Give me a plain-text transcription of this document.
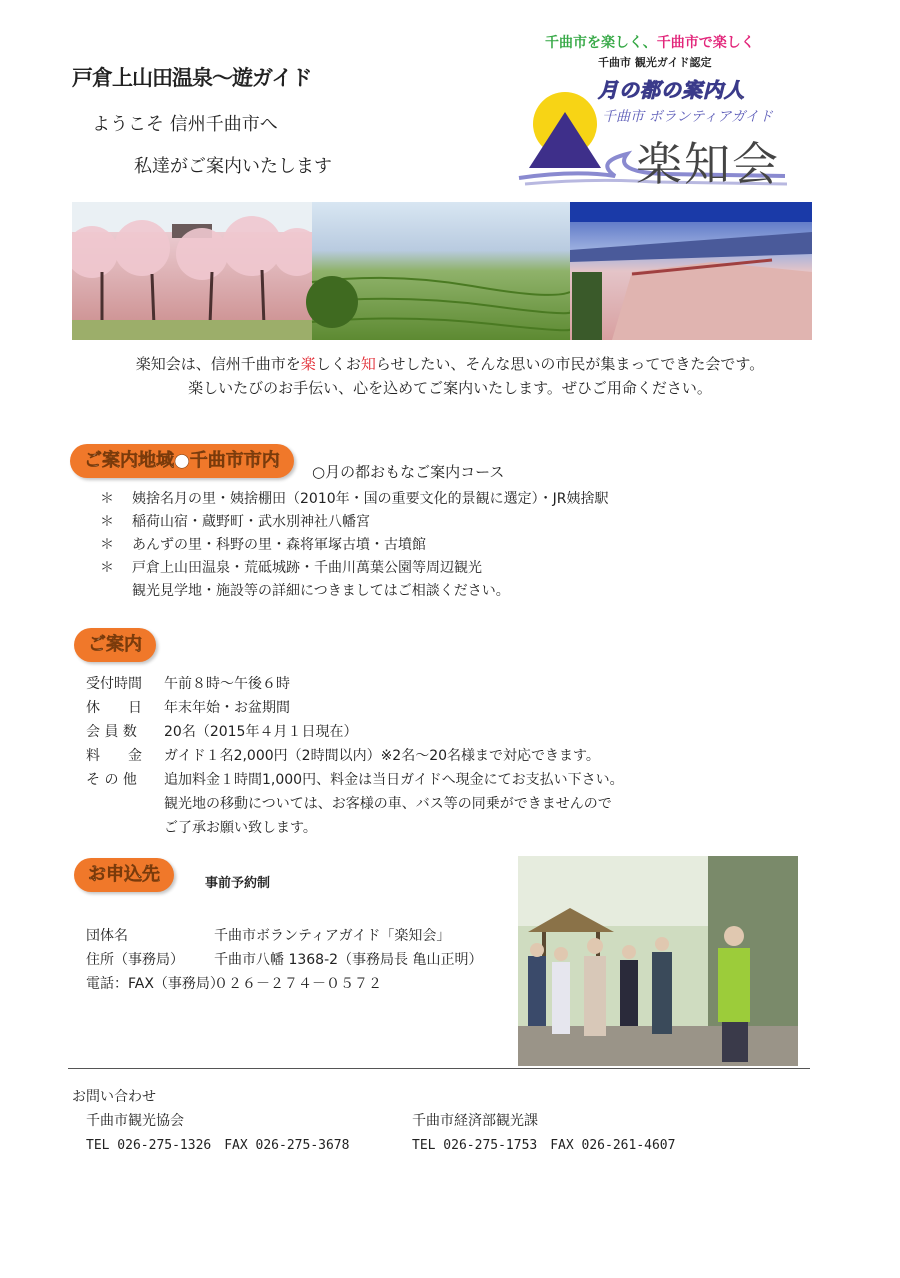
戸倉上山田温泉〜遊ガイド
ようこそ 信州千曲市へ
私達がご案内いたします
千曲市を楽しく、千曲市で楽しく
千曲市 観光ガイド認定
月の都の案内人
千曲市 ボランティアガイド
楽知会
楽知会は、信州千曲市を楽しくお知らせしたい、そんな思いの市民が集まってできた会です。
楽しいたびのお手伝い、心を込めてご案内いたします。ぜひご用命ください。
ご案内地域●千曲市市内
○月の都おもなご案内コース
＊ 姨捨名月の里・姨捨棚田（2010年・国の重要文化的景観に選定）・JR姨捨駅
＊ 稲荷山宿・蔵野町・武水別神社八幡宮
＊ あんずの里・科野の里・森将軍塚古墳・古墳館
＊ 戸倉上山田温泉・荒砥城跡・千曲川萬葉公園等周辺観光
観光見学地・施設等の詳細につきましてはご相談ください。
ご案内
受付時間 午前８時〜午後６時
休　　日 年末年始・お盆期間
会 員 数 20名（2015年４月１日現在）
料　　金 ガイド１名2,000円（2時間以内）※2名〜20名様まで対応できます。
そ の 他 追加料金１時間1,000円、料金は当日ガイドへ現金にてお支払い下さい。
観光地の移動については、お客様の車、バス等の同乗ができませんので
ご了承お願い致します。
お申込先	事前予約制
団体名	千曲市ボランティアガイド「楽知会」
住所（事務局） 千曲市八幡 1368-2（事務局長 亀山正明）
電話：FAX（事務局）０２６－２７４－０５７２
お問い合わせ
千曲市観光協会
TEL 026-275-1326　FAX 026-275-3678
千曲市経済部観光課
TEL 026-275-1753　FAX 026-261-4607
